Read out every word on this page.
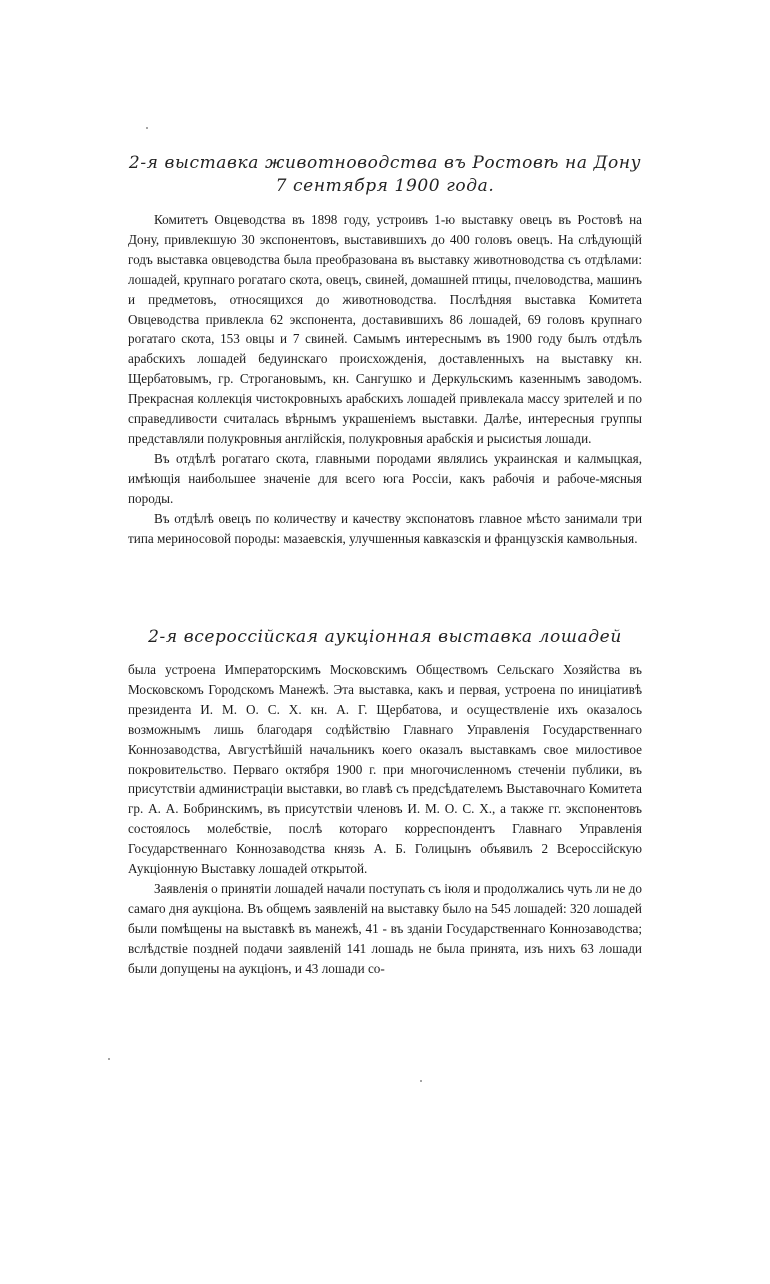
2-я выставка животноводства въ Ростовѣ на Дону
7 сентября 1900 года.

Комитетъ Овцеводства въ 1898 году, устроивъ 1-ю выставку овецъ въ Ростовѣ на Дону, привлекшую 30 экспонентовъ, выставившихъ до 400 головъ овецъ. На слѣдующій годъ выставка овцеводства была преобразована въ выставку животноводства съ отдѣлами: лошадей, крупнаго рогатаго скота, овецъ, свиней, домашней птицы, пчеловодства, машинъ и предметовъ, относящихся до животноводства. Послѣдняя выставка Комитета Овцеводства привлекла 62 экспонента, доставившихъ 86 лошадей, 69 головъ крупнаго рогатаго скота, 153 овцы и 7 свиней. Самымъ интереснымъ въ 1900 году былъ отдѣлъ арабскихъ лошадей бедуинскаго происхожденія, доставленныхъ на выставку кн. Щербатовымъ, гр. Строгановымъ, кн. Сангушко и Деркульскимъ казеннымъ заводомъ. Прекрасная коллекція чистокровныхъ арабскихъ лошадей привлекала массу зрителей и по справедливости считалась вѣрнымъ украшеніемъ выставки. Далѣе, интересныя группы представляли полукровныя англійскія, полукровныя арабскія и рысистыя лошади.

Въ отдѣлѣ рогатаго скота, главными породами являлись украинская и калмыцкая, имѣющія наибольшее значеніе для всего юга Россіи, какъ рабочія и рабоче-мясныя породы.

Въ отдѣлѣ овецъ по количеству и качеству экспонатовъ главное мѣсто занимали три типа мериносовой породы: мазаевскія, улучшенныя кавказскія и французскія камвольныя.

2-я всероссійская аукціонная выставка лошадей

была устроена Императорскимъ Московскимъ Обществомъ Сельскаго Хозяйства въ Московскомъ Городскомъ Манежѣ. Эта выставка, какъ и первая, устроена по иниціативѣ президента И. М. О. С. Х. кн. А. Г. Щербатова, и осуществленіе ихъ оказалось возможнымъ лишь благодаря содѣйствію Главнаго Управленія Государственнаго Коннозаводства, Августѣйшій начальникъ коего оказалъ выставкамъ свое милостивое покровительство. Перваго октября 1900 г. при многочисленномъ стеченіи публики, въ присутствіи администраціи выставки, во главѣ съ предсѣдателемъ Выставочнаго Комитета гр. А. А. Бобринскимъ, въ присутствіи членовъ И. М. О. С. Х., а также гг. экспонентовъ состоялось молебствіе, послѣ котораго корреспондентъ Главнаго Управленія Государственнаго Коннозаводства князь А. Б. Голицынъ объявилъ 2 Всероссійскую Аукціонную Выставку лошадей открытой.

Заявленія о принятіи лошадей начали поступать съ іюля и продолжались чуть ли не до самаго дня аукціона. Въ общемъ заявленій на выставку было на 545 лошадей: 320 лошадей были помѣщены на выставкѣ въ манежѣ, 41 - въ зданіи Государственнаго Коннозаводства; вслѣдствіе поздней подачи заявленій 141 лошадь не была принята, изъ нихъ 63 лошади были допущены на аукціонъ, и 43 лошади со-
